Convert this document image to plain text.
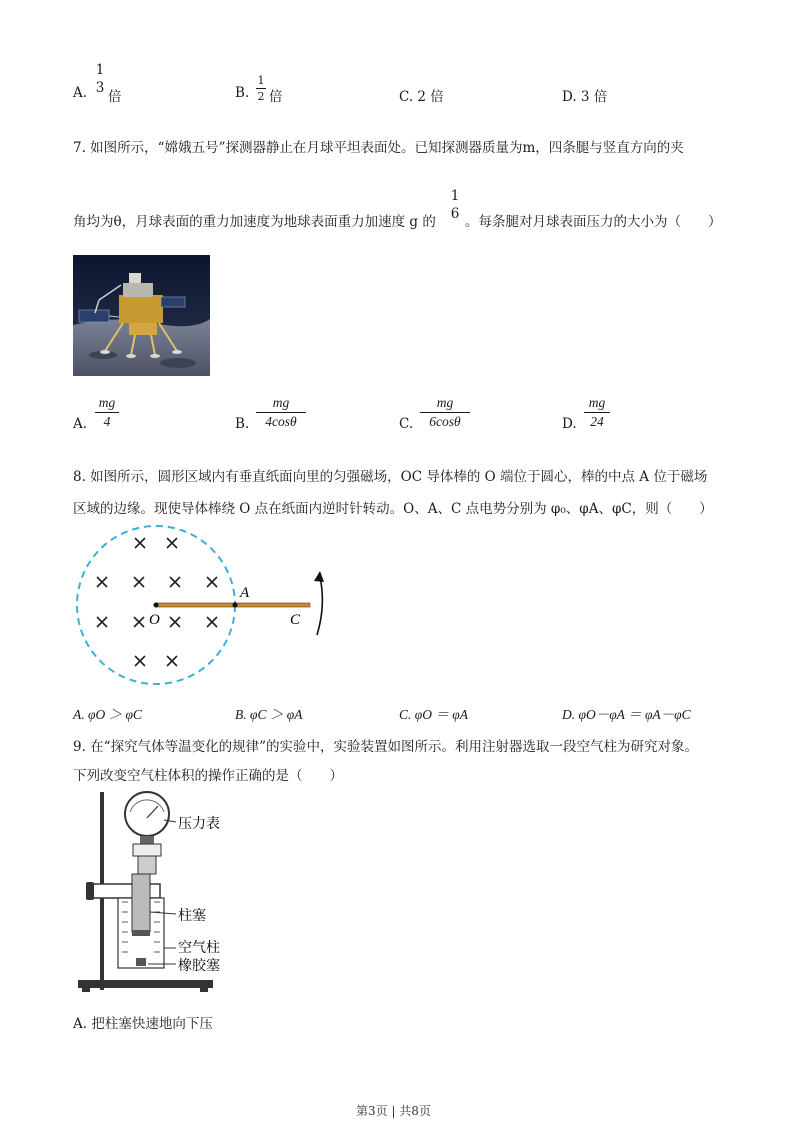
A.
1
3
倍	B.
1
2 倍	C. 2 倍	D. 3 倍
7. 如图所示，“嫦娥五号”探测器静止在月球平坦表面处。已知探测器质量为m，四条腿与竖直方向的夹
角均为θ，月球表面的重力加速度为地球表面重力加速度 g 的
1
6 。每条腿对月球表面压力的大小为（　　）
A.
mg
4	B.
mg
4cosθ	C.
mg
6cosθ	D.
mg
24
8. 如图所示，圆形区域内有垂直纸面向里的匀强磁场，OC 导体棒的 O 端位于圆心，棒的中点 A 位于磁场
区域的边缘。现使导体棒绕 O 点在纸面内逆时针转动。O、A、C 点电势分别为 φ₀、φA、φC，则（　　）
O
A
C
A. φO ＞ φC	B. φC ＞ φA	C. φO ＝ φA	D. φO－φA ＝ φA－φC
9. 在“探究气体等温变化的规律”的实验中，实验装置如图所示。利用注射器选取一段空气柱为研究对象。
下列改变空气柱体积的操作正确的是（　　）
压力表
柱塞
空气柱
橡胶塞
A. 把柱塞快速地向下压
第3页 | 共8页
